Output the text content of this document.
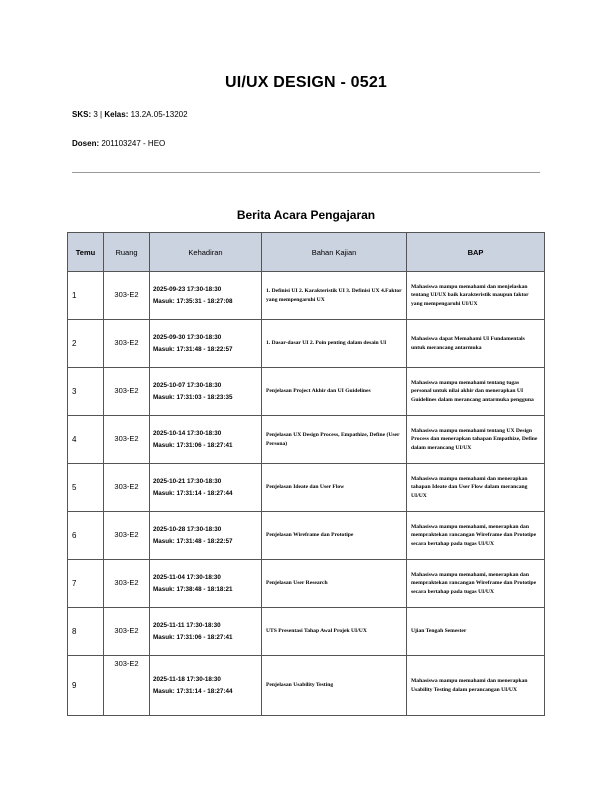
UI/UX DESIGN - 0521
SKS: 3 | Kelas: 13.2A.05-13202
Dosen: 201103247 - HEO
Berita Acara Pengajaran
Temu	Ruang	Kehadiran	Bahan Kajian	BAP
1	303-E2	2025-09-23 17:30-18:30
Masuk: 17:35:31 - 18:27:08	1. Definisi UI 2. Karakteristik UI 3. Definisi UX 4.Faktor yang mempengaruhi UX	Mahasiswa mampu memahami dan menjelaskan tentang UI/UX baik karakteristik maupun faktor yang mempengaruhi UI/UX
2	303-E2	2025-09-30 17:30-18:30
Masuk: 17:31:48 - 18:22:57	1. Dasar-dasar UI 2. Poin penting dalam desain UI	Mahasiswa dapat Memahami UI Fundamentals untuk merancang antarmuka
3	303-E2	2025-10-07 17:30-18:30
Masuk: 17:31:03 - 18:23:35	Penjelasan Project Akhir dan UI Guidelines	Mahasiswa mampu memahami tentang tugas personal untuk nilai akhir dan menerapkan UI Guidelines dalam merancang antarmuka pengguna
4	303-E2	2025-10-14 17:30-18:30
Masuk: 17:31:06 - 18:27:41	Penjelasan UX Design Process, Empathize, Define (User Persona)	Mahasiswa mampu memahami tentang UX Design Process dan menerapkan tahapan Empathize, Define dalam merancang UI/UX
5	303-E2	2025-10-21 17:30-18:30
Masuk: 17:31:14 - 18:27:44	Penjelasan Ideate dan User Flow	Mahasiswa mampu memahami dan menerapkan tahapan Ideate dan User Flow dalam merancang UI/UX
6	303-E2	2025-10-28 17:30-18:30
Masuk: 17:31:48 - 18:22:57	Penjelasan Wireframe dan Prototipe	Mahasiswa mampu memahami, menerapkan dan mempraktekan rancangan Wireframe dan Prototipe secara bertahap pada tugas UI/UX
7	303-E2	2025-11-04 17:30-18:30
Masuk: 17:38:48 - 18:18:21	Penjelasan User Research	Mahasiswa mampu memahami, menerapkan dan mempraktekan rancangan Wireframe dan Prototipe secara bertahap pada tugas UI/UX
8	303-E2	2025-11-11 17:30-18:30
Masuk: 17:31:06 - 18:27:41	UTS Presentasi Tahap Awal Projek UI/UX	Ujian Tengah Semester
9	303-E2	2025-11-18 17:30-18:30
Masuk: 17:31:14 - 18:27:44	Penjelasan Usability Testing	Mahasiswa mampu memahami dan menerapkan Usability Testing dalam perancangan UI/UX
